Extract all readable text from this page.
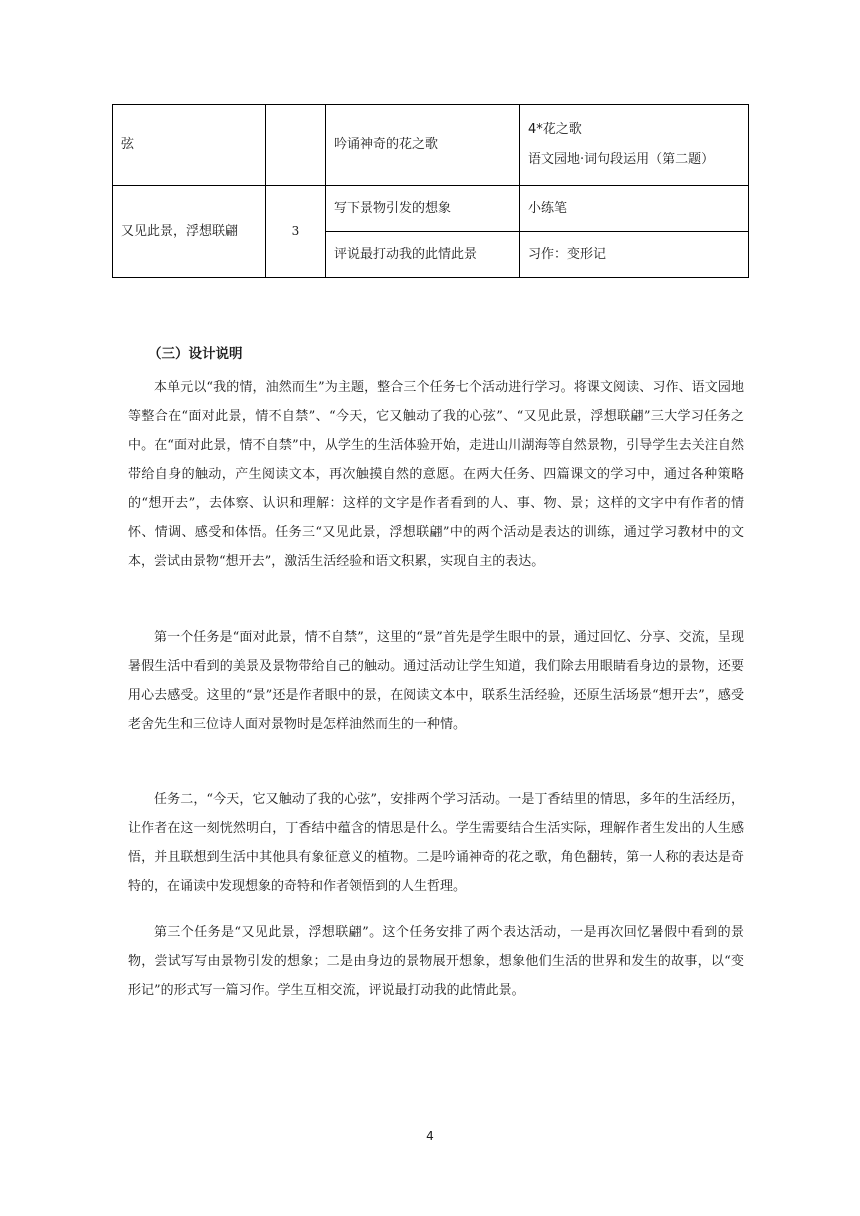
弦		吟诵神奇的花之歌	4*花之歌
语文园地·词句段运用（第二题）

又见此景，浮想联翩	3	写下景物引发的想象	小练笔
		评说最打动我的此情此景	习作：变形记
（三）设计说明

本单元以“我的情，油然而生”为主题，整合三个任务七个活动进行学习。将课文阅读、习作、语文园地等整合在“面对此景，情不自禁”、“今天，它又触动了我的心弦”、“又见此景，浮想联翩”三大学习任务之中。在“面对此景，情不自禁”中，从学生的生活体验开始，走进山川湖海等自然景物，引导学生去关注自然带给自身的触动，产生阅读文本，再次触摸自然的意愿。在两大任务、四篇课文的学习中，通过各种策略的“想开去”，去体察、认识和理解：这样的文字是作者看到的人、事、物、景；这样的文字中有作者的情怀、情调、感受和体悟。任务三“又见此景，浮想联翩”中的两个活动是表达的训练，通过学习教材中的文本，尝试由景物“想开去”，激活生活经验和语文积累，实现自主的表达。

第一个任务是“面对此景，情不自禁”，这里的“景”首先是学生眼中的景，通过回忆、分享、交流，呈现暑假生活中看到的美景及景物带给自己的触动。通过活动让学生知道，我们除去用眼睛看身边的景物，还要用心去感受。这里的“景”还是作者眼中的景，在阅读文本中，联系生活经验，还原生活场景“想开去”，感受老舍先生和三位诗人面对景物时是怎样油然而生的一种情。

任务二，“今天，它又触动了我的心弦”，安排两个学习活动。一是丁香结里的情思，多年的生活经历，让作者在这一刻恍然明白，丁香结中蕴含的情思是什么。学生需要结合生活实际，理解作者生发出的人生感悟，并且联想到生活中其他具有象征意义的植物。二是吟诵神奇的花之歌，角色翻转，第一人称的表达是奇特的，在诵读中发现想象的奇特和作者领悟到的人生哲理。

第三个任务是“又见此景，浮想联翩”。这个任务安排了两个表达活动，一是再次回忆暑假中看到的景物，尝试写写由景物引发的想象；二是由身边的景物展开想象，想象他们生活的世界和发生的故事，以“变形记”的形式写一篇习作。学生互相交流，评说最打动我的此情此景。

4
